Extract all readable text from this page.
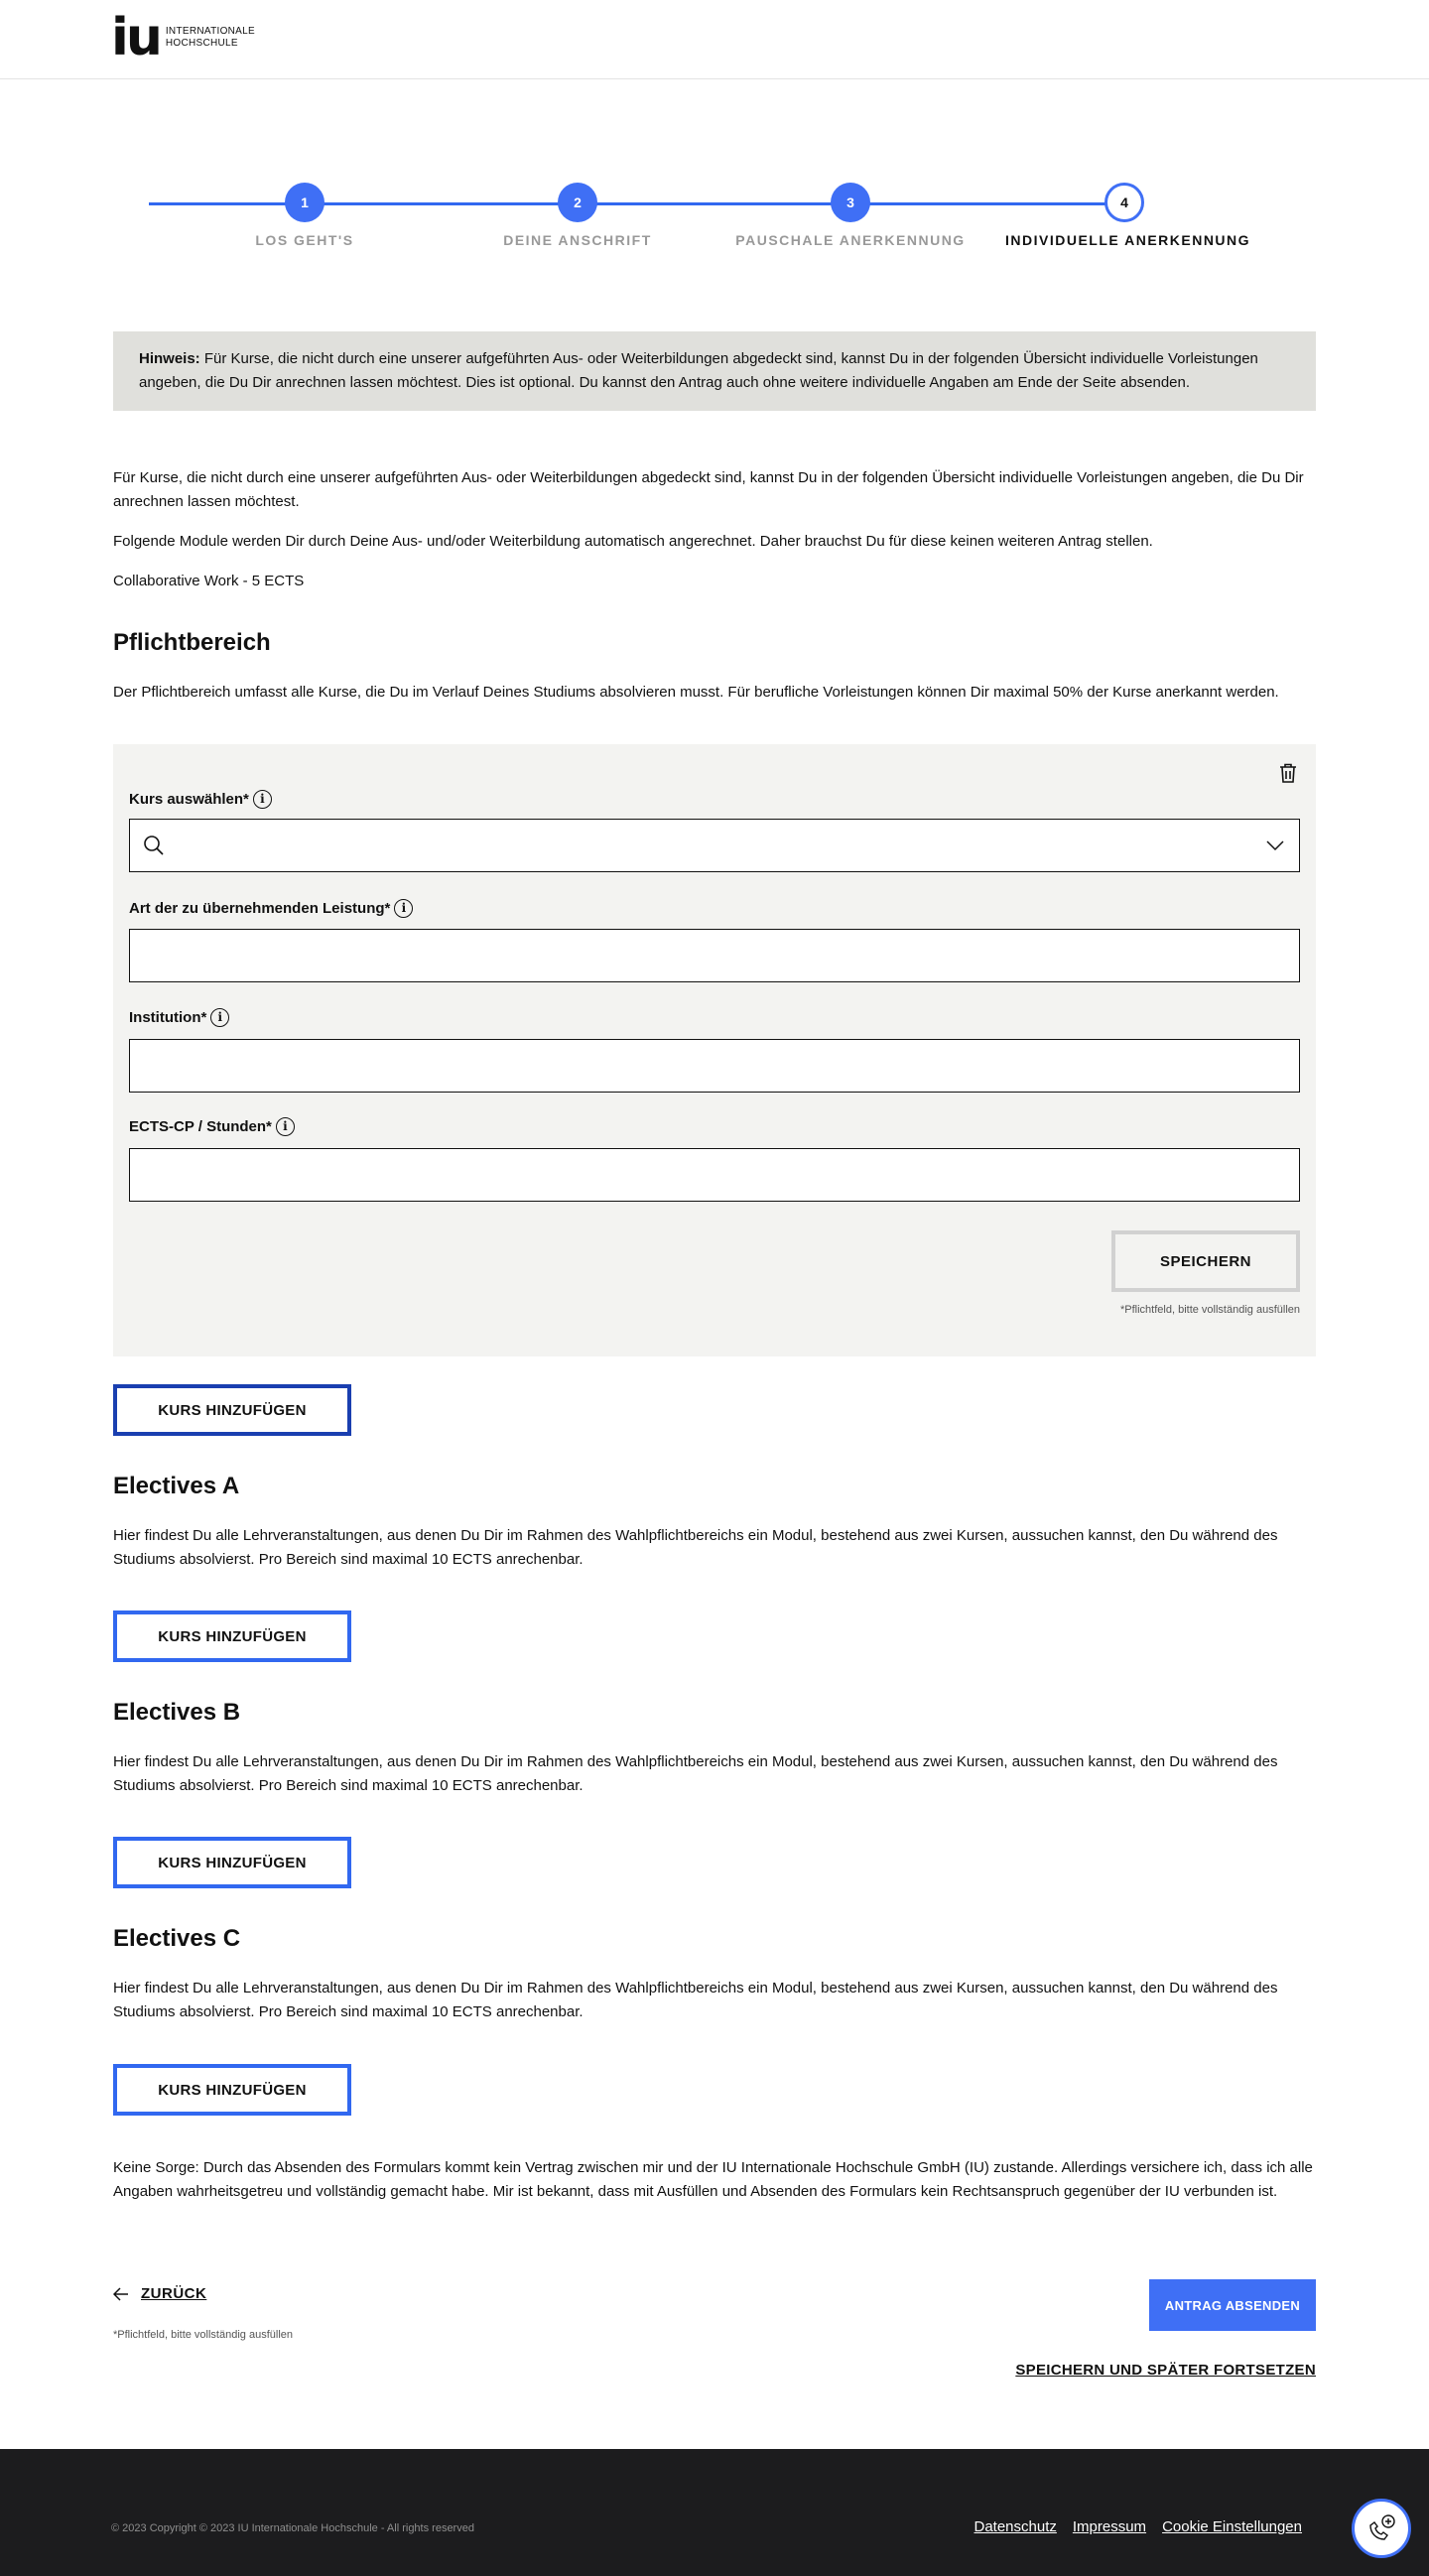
iu INTERNATIONALE
HOCHSCHULE
1
LOS GEHT'S
2
DEINE ANSCHRIFT
3
PAUSCHALE ANERKENNUNG
4
INDIVIDUELLE ANERKENNUNG
Hinweis: Für Kurse, die nicht durch eine unserer aufgeführten Aus- oder Weiterbildungen abgedeckt sind, kannst Du in der folgenden Übersicht individuelle Vorleistungen angeben, die Du Dir anrechnen lassen möchtest. Dies ist optional. Du kannst den Antrag auch ohne weitere individuelle Angaben am Ende der Seite absenden.

Für Kurse, die nicht durch eine unserer aufgeführten Aus- oder Weiterbildungen abgedeckt sind, kannst Du in der folgenden Übersicht individuelle Vorleistungen angeben, die Du Dir anrechnen lassen möchtest.

Folgende Module werden Dir durch Deine Aus- und/oder Weiterbildung automatisch angerechnet. Daher brauchst Du für diese keinen weiteren Antrag stellen.

Collaborative Work - 5 ECTS

Pflichtbereich

Der Pflichtbereich umfasst alle Kurse, die Du im Verlauf Deines Studiums absolvieren musst. Für berufliche Vorleistungen können Dir maximal 50% der Kurse anerkannt werden.

Kurs auswählen* i
Art der zu übernehmenden Leistung* i
Institution* i
ECTS-CP / Stunden* i
SPEICHERN
*Pflichtfeld, bitte vollständig ausfüllen
KURS HINZUFÜGEN
Electives A

Hier findest Du alle Lehrveranstaltungen, aus denen Du Dir im Rahmen des Wahlpflichtbereichs ein Modul, bestehend aus zwei Kursen, aussuchen kannst, den Du während des Studiums absolvierst. Pro Bereich sind maximal 10 ECTS anrechenbar.

KURS HINZUFÜGEN
Electives B

Hier findest Du alle Lehrveranstaltungen, aus denen Du Dir im Rahmen des Wahlpflichtbereichs ein Modul, bestehend aus zwei Kursen, aussuchen kannst, den Du während des Studiums absolvierst. Pro Bereich sind maximal 10 ECTS anrechenbar.

KURS HINZUFÜGEN
Electives C

Hier findest Du alle Lehrveranstaltungen, aus denen Du Dir im Rahmen des Wahlpflichtbereichs ein Modul, bestehend aus zwei Kursen, aussuchen kannst, den Du während des Studiums absolvierst. Pro Bereich sind maximal 10 ECTS anrechenbar.

KURS HINZUFÜGEN

Keine Sorge: Durch das Absenden des Formulars kommt kein Vertrag zwischen mir und der IU Internationale Hochschule GmbH (IU) zustande. Allerdings versichere ich, dass ich alle Angaben wahrheitsgetreu und vollständig gemacht habe. Mir ist bekannt, dass mit Ausfüllen und Absenden des Formulars kein Rechtsanspruch gegenüber der IU verbunden ist.

ZURÜCK
*Pflichtfeld, bitte vollständig ausfüllen
ANTRAG ABSENDEN
SPEICHERN UND SPÄTER FORTSETZEN
© 2023 Copyright © 2023 IU Internationale Hochschule - All rights reserved	Datenschutz Impressum Cookie Einstellungen
